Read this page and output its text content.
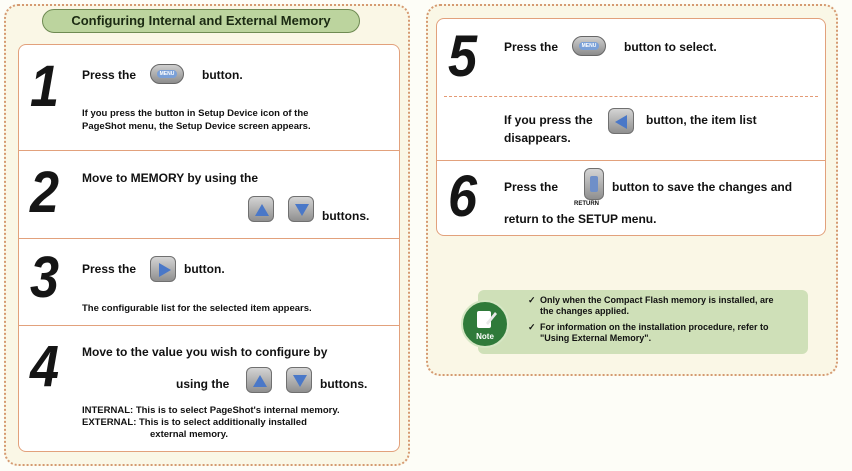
Configuring Internal and External Memory
1 Press the	MENU button.
If you press the button in Setup Device icon of the
PageShot menu, the Setup Device screen appears.
2 Move to MEMORY by using the
buttons.
3 Press the	button.
The configurable list for the selected item appears.
4 Move to the value you wish to configure by
using the	buttons.
INTERNAL: This is to select PageShot's internal memory.
EXTERNAL: This is to select additionally installed
external memory.
5 Press the	MENU button to select.
If you press the	button, the item list
disappears.
6 Press the
RETURN
button to save the changes and
return to the SETUP menu.
Note
✓ Only when the Compact Flash memory is installed, are
the changes applied.
✓ For information on the installation procedure, refer to
"Using External Memory".
